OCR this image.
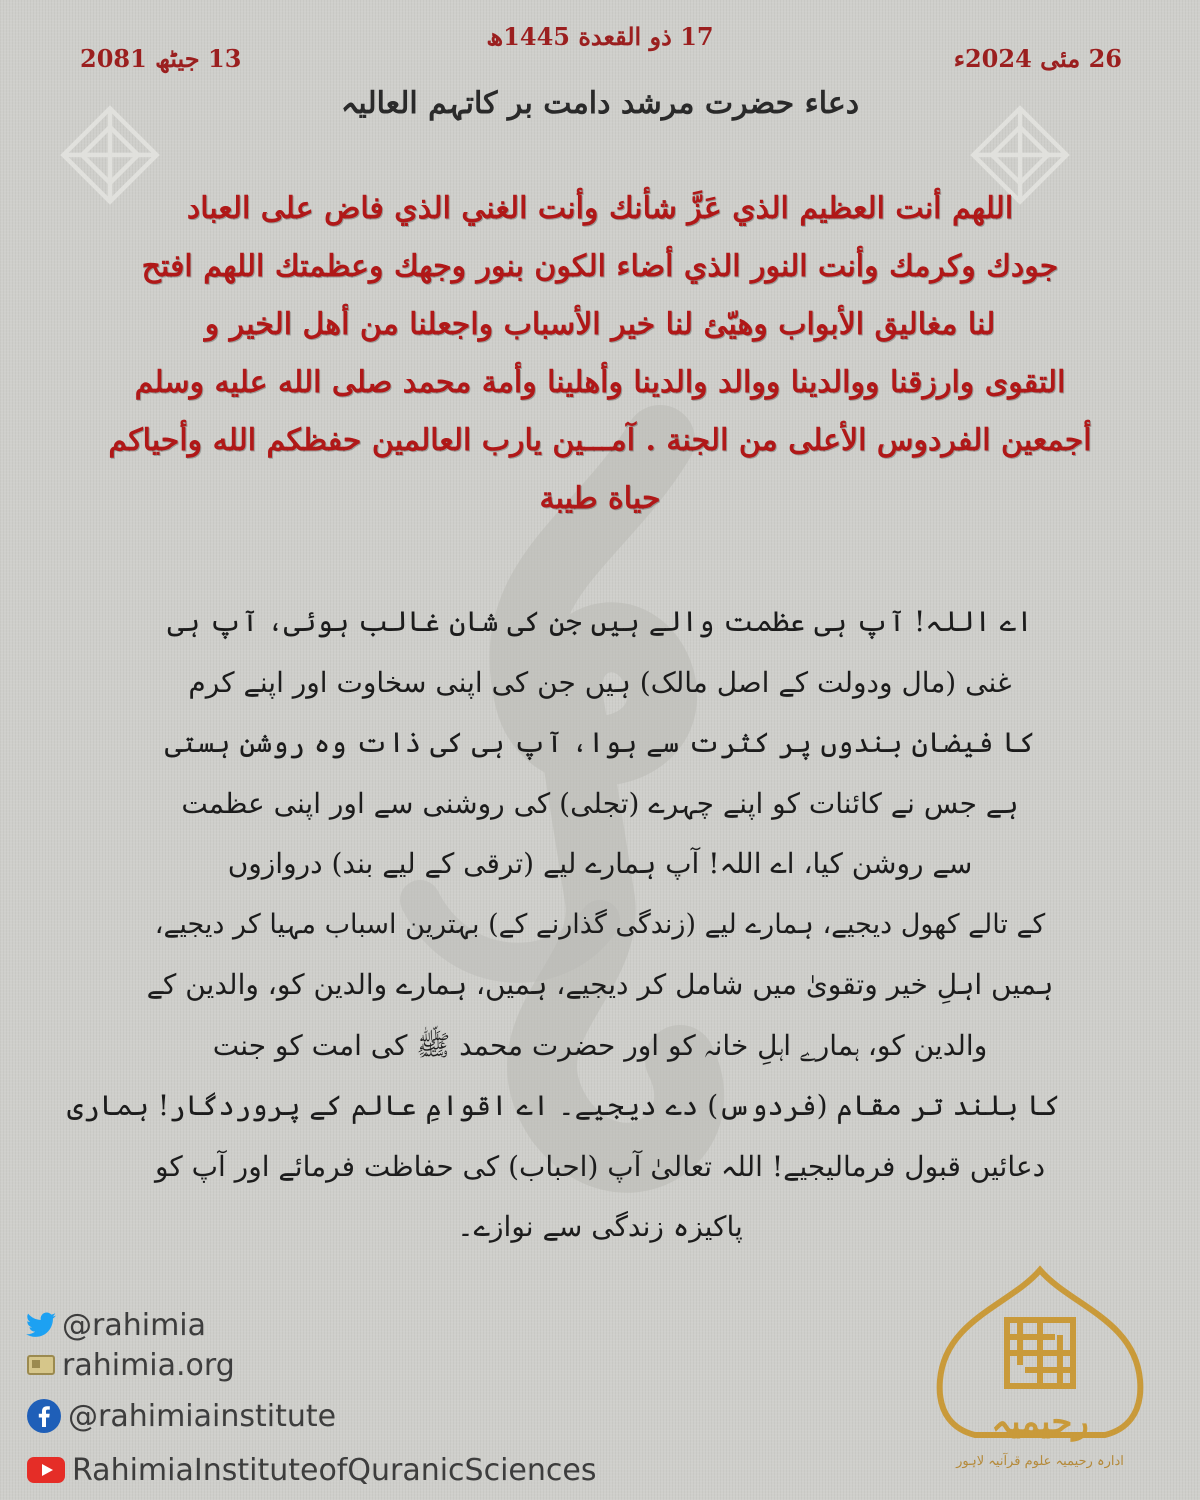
17 ذو القعدة 1445ھ
13 جیٹھ 2081	26 مئی 2024ء
دعاء حضرت مرشد دامت بر کاتہم العالیہ
اللهم أنت العظيم الذي عَزَّ شأنك وأنت الغني الذي فاض على العباد
جودك وكرمك وأنت النور الذي أضاء الكون بنور وجهك وعظمتك اللهم افتح
لنا مغاليق الأبواب وهيّئ لنا خير الأسباب واجعلنا من أهل الخير و
التقوى وارزقنا ووالدينا ووالد والدينا وأهلينا وأمة محمد صلى الله عليه وسلم
أجمعين الفردوس الأعلى من الجنة . آمـــين يارب العالمين حفظكم الله وأحياكم
حياة طيبة
اے اللہ! آپ ہی عظمت والے ہیں جن کی شان غالب ہوئی، آپ ہی
غنی (مال ودولت کے اصل مالک) ہیں جن کی اپنی سخاوت اور اپنے کرم
کا فیضان بندوں پر کثرت سے ہوا، آپ ہی کی ذات وہ روشن ہستی
ہے جس نے کائنات کو اپنے چہرے (تجلی) کی روشنی سے اور اپنی عظمت
سے روشن کیا، اے اللہ! آپ ہمارے لیے (ترقی کے لیے بند) دروازوں
کے تالے کھول دیجیے، ہمارے لیے (زندگی گذارنے کے) بہترین اسباب مہیا کر دیجیے،
ہمیں اہلِ خیر وتقویٰ میں شامل کر دیجیے، ہمیں، ہمارے والدین کو، والدین کے
والدین کو، ہمارے اہلِ خانہ کو اور حضرت محمد ﷺ کی امت کو جنت
کا بلند تر مقام (فردوس) دے دیجیے۔ اے اقوامِ عالم کے پروردگار! ہماری
دعائیں قبول فرمالیجیے! اللہ تعالیٰ آپ (احباب) کی حفاظت فرمائے اور آپ کو
پاکیزہ زندگی سے نوازے۔
@rahimia
rahimia.org
@rahimiainstitute
RahimiaInstituteofQuranicSciences
رحیمیہ
ادارہ رحیمیہ علوم قرآنیہ لاہور
